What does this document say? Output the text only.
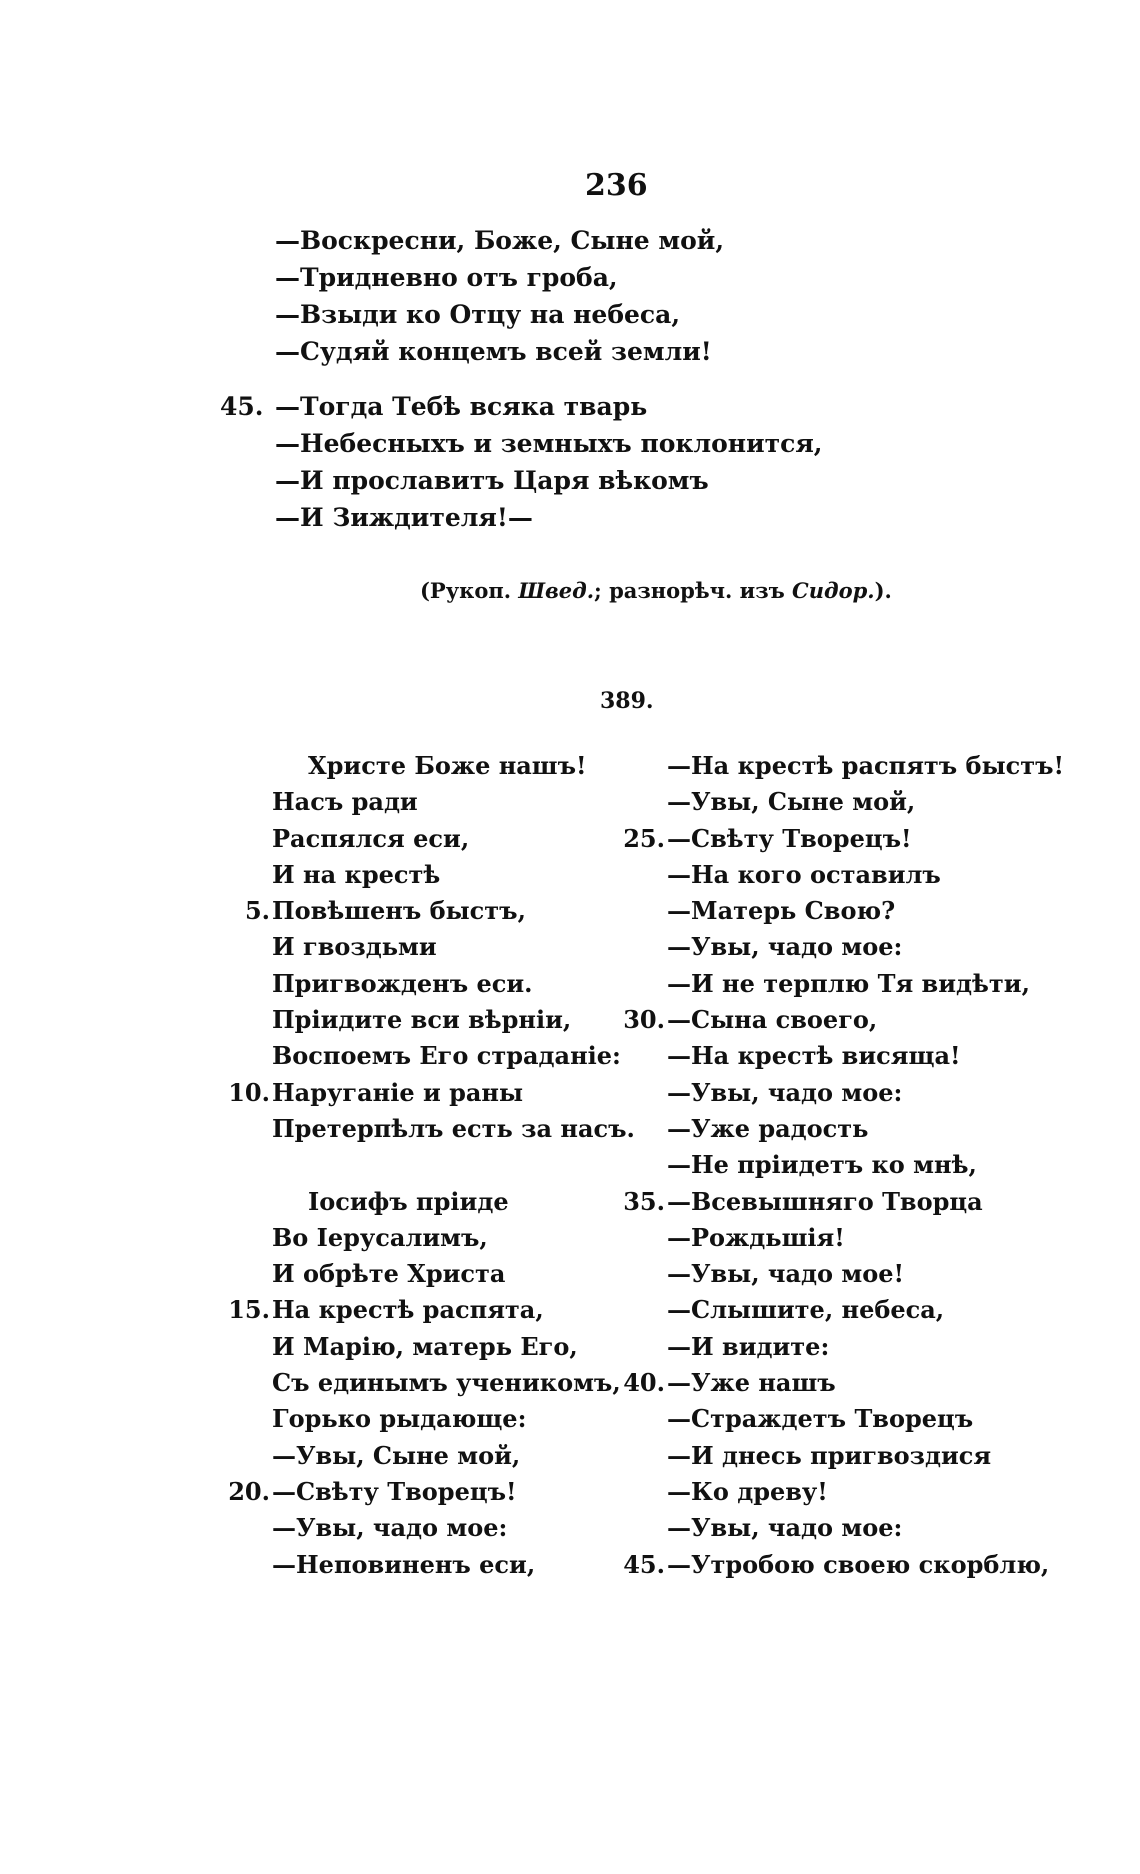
236
—Воскресни, Боже, Сыне мой,
—Тридневно отъ гроба,
—Взыди ко Отцу на небеса,
—Судяй концемъ всей земли!
45. —Тогда Тебѣ всяка тварь
—Небесныхъ и земныхъ поклонится,
—И прославитъ Царя вѣкомъ
—И Зиждителя!—
(Рукоп. Швед.; разнорѣч. изъ Сидор.).
389.
Христе Боже нашъ!
Насъ ради
Распялся еси,
И на крестѣ
5. Повѣшенъ быстъ,
И гвоздьми
Пригвожденъ еси.
Пріидите вси вѣрніи,
Воспоемъ Его страданіе:
10. Наруганіе и раны
Претерпѣлъ есть за насъ.
Іосифъ пріиде
Во Іерусалимъ,
И обрѣте Христа
15. На крестѣ распята,
И Марію, матерь Его,
Съ единымъ ученикомъ,
Горько рыдающе:
—Увы, Сыне мой,
20. —Свѣту Творецъ!
—Увы, чадо мое:
—Неповиненъ еси,
—На крестѣ распятъ быстъ!
—Увы, Сыне мой,
25. —Свѣту Творецъ!
—На кого оставилъ
—Матерь Свою?
—Увы, чадо мое:
—И не терплю Тя видѣти,
30. —Сына своего,
—На крестѣ висяща!
—Увы, чадо мое:
—Уже радость
—Не пріидетъ ко мнѣ,
35. —Всевышняго Творца
—Рождьшія!
—Увы, чадо мое!
—Слышите, небеса,
—И видите:
40. —Уже нашъ
—Страждетъ Творецъ
—И днесь пригвоздися
—Ко древу!
—Увы, чадо мое:
45. —Утробою своею скорблю,
